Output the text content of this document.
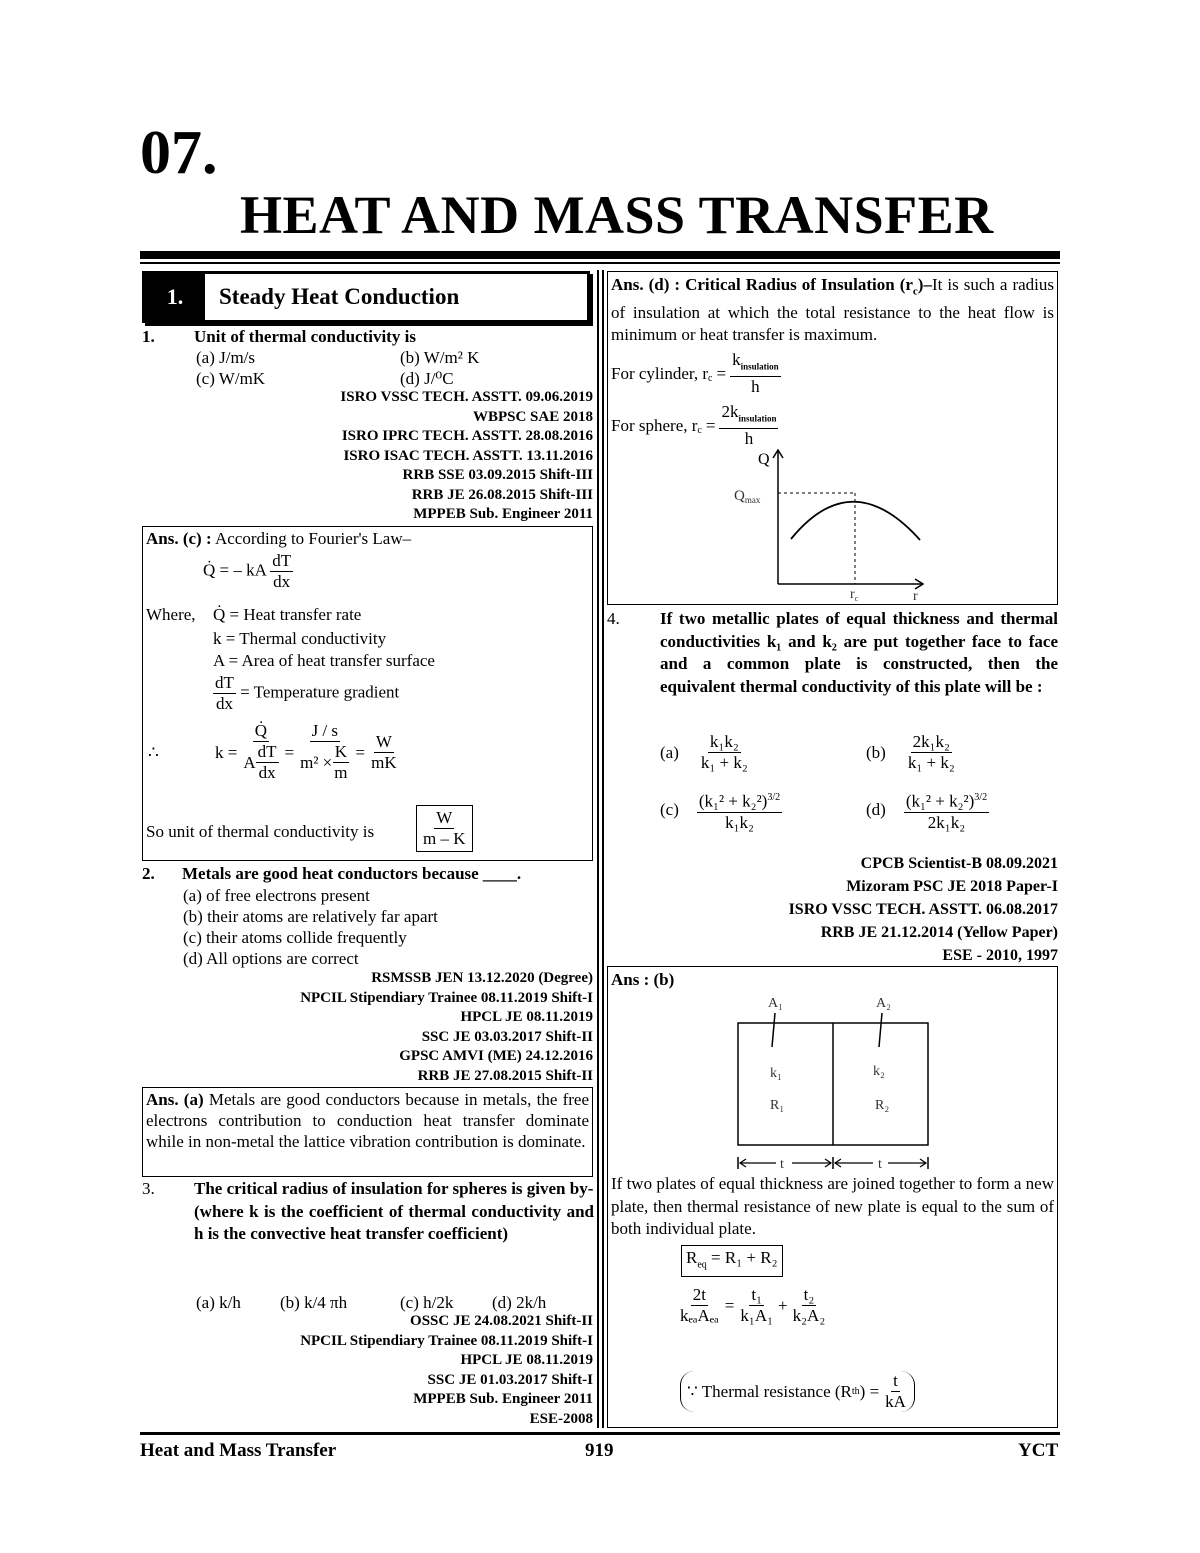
07.
HEAT AND MASS TRANSFER
1.	Steady Heat Conduction
1. Unit of thermal conductivity is
(a) J/m/s	(b) W/m² K
(c) W/mK	(d) J/⁰C
ISRO VSSC TECH. ASSTT. 09.06.2019
WBPSC SAE 2018
ISRO IPRC TECH. ASSTT. 28.08.2016
ISRO ISAC TECH. ASSTT. 13.11.2016
RRB SSE 03.09.2015 Shift-III
RRB JE 26.08.2015 Shift-III
MPPEB Sub. Engineer 2011
Ans. (c) : According to Fourier's Law–
Q̇ = – kA $\frac{dT}{dx}$
Where, Q̇ = Heat transfer rate
k = Thermal conductivity
A = Area of heat transfer surface
$\frac{dT}{dx}$ = Temperature gradient
∴	$k = \frac{Q̇}{A \frac{dT}{dx}} = \frac{J / s}{m^2 \times \frac{K}{m}} = \frac{W}{mK}$
So unit of thermal conductivity is	$\frac{W}{m - K}$
2. Metals are good heat conductors because ____.
(a) of free electrons present
(b) their atoms are relatively far apart
(c) their atoms collide frequently
(d) All options are correct
RSMSSB JEN 13.12.2020 (Degree)
NPCIL Stipendiary Trainee 08.11.2019 Shift-I
HPCL JE 08.11.2019
SSC JE 03.03.2017 Shift-II
GPSC AMVI (ME) 24.12.2016
RRB JE 27.08.2015 Shift-II
Ans. (a) Metals are good conductors because in metals, the free electrons contribution to conduction heat transfer dominate while in non-metal the lattice vibration contribution is dominate.
3. The critical radius of insulation for spheres is given by-
(where k is the coefficient of thermal conductivity and h is the convective heat transfer coefficient)
(a) k/h (b) k/4 πh	(c) h/2k (d) 2k/h
OSSC JE 24.08.2021 Shift-II
NPCIL Stipendiary Trainee 08.11.2019 Shift-I
HPCL JE 08.11.2019
SSC JE 01.03.2017 Shift-I
MPPEB Sub. Engineer 2011
ESE-2008
Ans. (d) : Critical Radius of Insulation $(r_c)-It$ is such a radius of insulation at which the total resistance to the heat flow is minimum or heat transfer is maximum.
For cylinder, $r_c = \frac{k_{insulation}}{h}$
For sphere, $r_c = \frac{2k_{insulation}}{h}$
Q
$Q_{max}$
$r_c$	r
4. If two metallic plates of equal thickness and thermal conductivities k₁ and k₂ are put together face to face and a common plate is constructed, then the equivalent thermal conductivity of this plate will be :
$(a) \frac{\text{k₁k₂}}{\text{k₁ + k₂}}$	$(b) \frac{\text{2k₁k₂}}{\text{k₁ + k₂}}$
$(c) \frac{(k_1^2 + k_2^2)^{3/2}}{\text{k₁k₂}}$	$(d) \frac{(k_1^2 + k_2^2)^{3/2}}{\text{2k₁k₂}}$
CPCB Scientist-B 08.09.2021
Mizoram PSC JE 2018 Paper-I
ISRO VSSC TECH. ASSTT. 06.08.2017
RRB JE 21.12.2014 (Yellow Paper)
ESE - 2010, 1997
Ans : (b)
A₁	A₂
k₁	k₂
R₁	R₂
t	t
If two plates of equal thickness are joined together to form a new plate, then thermal resistance of new plate is equal to the sum of both individual plate.
$R_{eq} = R_1 + R_2$
$\frac{2t}{\text{kₑₐAₑₐ}} = \frac{\text{t₁}}{\text{k₁A₁}} + \frac{\text{t₂}}{\text{k₂A₂}}$
∵ Thermal resistance (R th ) = $\frac{t}{kA}$
Heat and Mass Transfer	919	YCT
